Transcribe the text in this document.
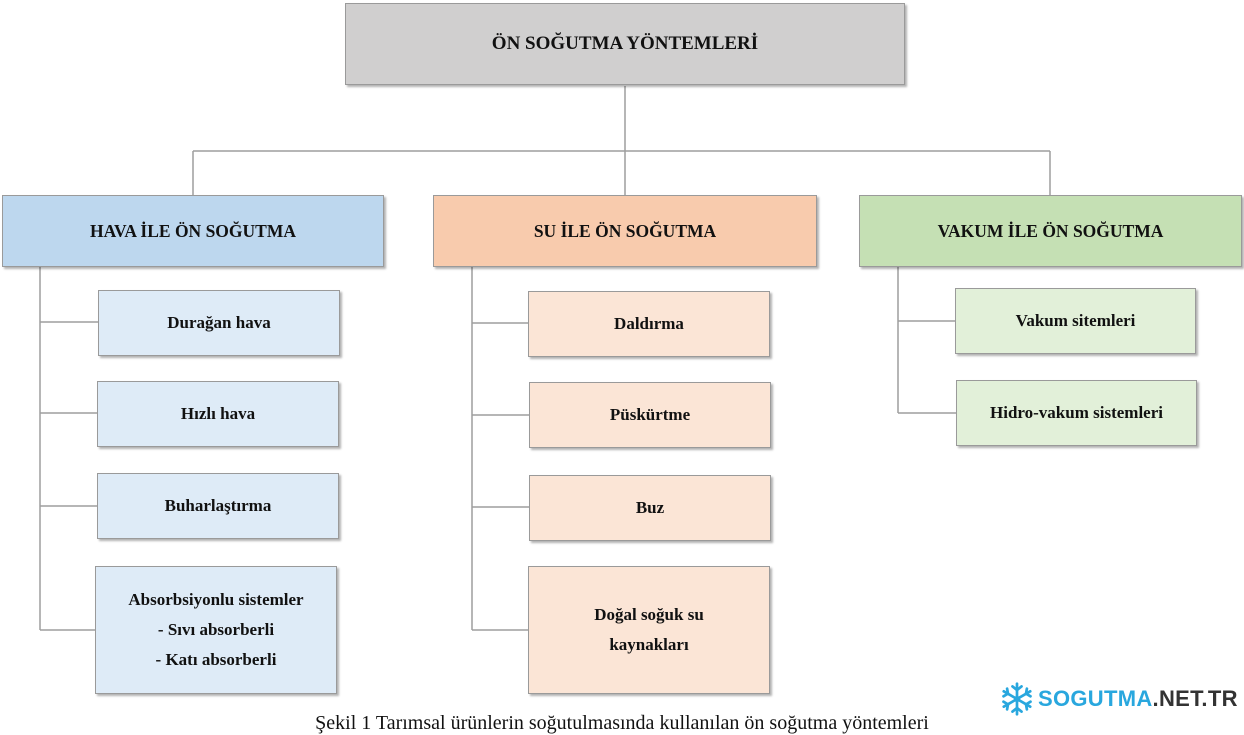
ÖN SOĞUTMA YÖNTEMLERİ
HAVA İLE ÖN SOĞUTMA	SU İLE ÖN SOĞUTMA	VAKUM İLE ÖN SOĞUTMA
Durağan hava
Hızlı hava
Buharlaştırma
Absorbsiyonlu sistemler
- Sıvı absorberli
- Katı absorberli
Daldırma
Püskürtme
Buz
Doğal soğuk su
kaynakları
Vakum sitemleri
Hidro-vakum sistemleri
Şekil 1 Tarımsal ürünlerin soğutulmasında kullanılan ön soğutma yöntemleri
SOGUTMA .NET.TR
